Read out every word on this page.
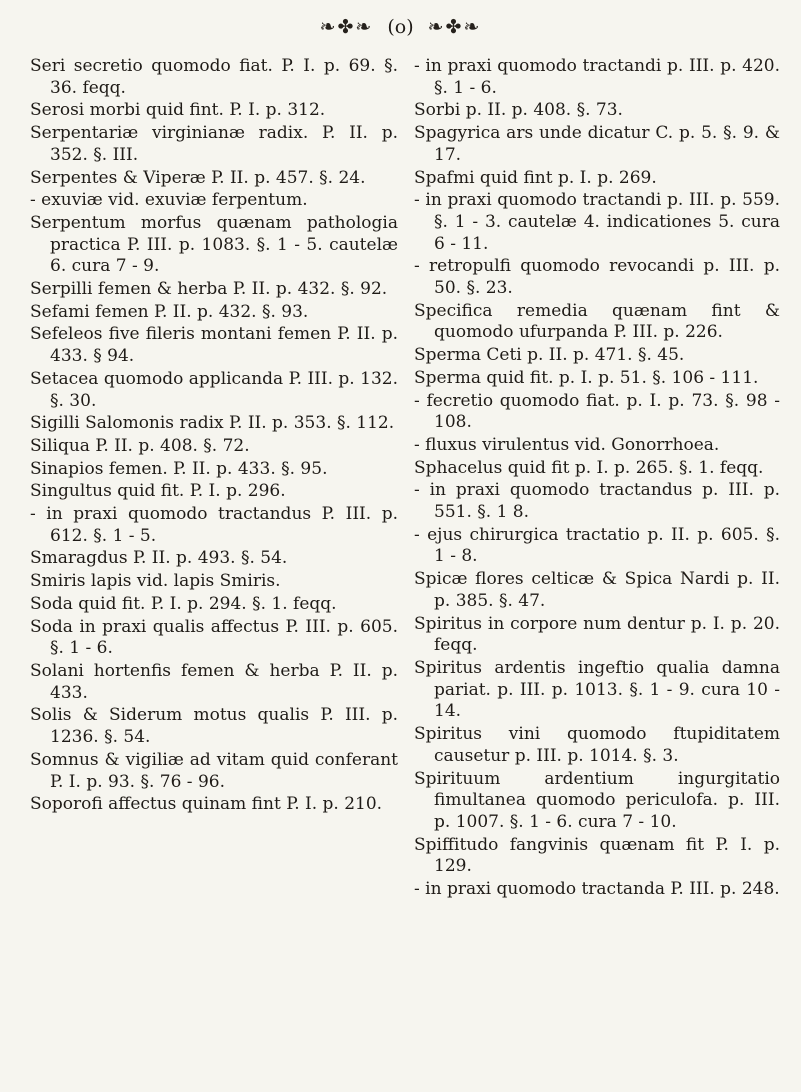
❧✤❧ (o) ❧✤❧

Seri secretio quomodo fiat. P. I. p. 69. §. 36. feqq.

Serosi morbi quid fint. P. I. p. 312.

Serpentariæ virginianæ radix. P. II. p. 352. §. III.

Serpentes & Viperæ P. II. p. 457. §. 24.

- exuviæ vid. exuviæ ferpentum.

Serpentum morfus quænam pathologia practica P. III. p. 1083. §. 1 - 5. cautelæ 6. cura 7 - 9.

Serpilli femen & herba P. II. p. 432. §. 92.

Sefami femen P. II. p. 432. §. 93.

Sefeleos five fileris montani femen P. II. p. 433. § 94.

Setacea quomodo applicanda P. III. p. 132. §. 30.

Sigilli Salomonis radix P. II. p. 353. §. 112.

Siliqua P. II. p. 408. §. 72.

Sinapios femen. P. II. p. 433. §. 95.

Singultus quid fit. P. I. p. 296.

- in praxi quomodo tractandus P. III. p. 612. §. 1 - 5.

Smaragdus P. II. p. 493. §. 54.

Smiris lapis vid. lapis Smiris.

Soda quid fit. P. I. p. 294. §. 1. feqq.

Soda in praxi qualis affectus P. III. p. 605. §. 1 - 6.

Solani hortenfis femen & herba P. II. p. 433.

Solis & Siderum motus qualis P. III. p. 1236. §. 54.

Somnus & vigiliæ ad vitam quid conferant P. I. p. 93. §. 76 - 96.

Soporofi affectus quinam fint P. I. p. 210.

- in praxi quomodo tractandi p. III. p. 420. §. 1 - 6.

Sorbi p. II. p. 408. §. 73.

Spagyrica ars unde dicatur C. p. 5. §. 9. & 17.

Spafmi quid fint p. I. p. 269.

- in praxi quomodo tractandi p. III. p. 559. §. 1 - 3. cautelæ 4. indicationes 5. cura 6 - 11.

- retropulfi quomodo revocandi p. III. p. 50. §. 23.

Specifica remedia quænam fint & quomodo ufurpanda P. III. p. 226.

Sperma Ceti p. II. p. 471. §. 45.

Sperma quid fit. p. I. p. 51. §. 106 - 111.

- fecretio quomodo fiat. p. I. p. 73. §. 98 - 108.

- fluxus virulentus vid. Gonorrhoea.

Sphacelus quid fit p. I. p. 265. §. 1. feqq.

- in praxi quomodo tractandus p. III. p. 551. §. 1 8.

- ejus chirurgica tractatio p. II. p. 605. §. 1 - 8.

Spicæ flores celticæ & Spica Nardi p. II. p. 385. §. 47.

Spiritus in corpore num dentur p. I. p. 20. feqq.

Spiritus ardentis ingeftio qualia damna pariat. p. III. p. 1013. §. 1 - 9. cura 10 - 14.

Spiritus vini quomodo ftupiditatem causetur p. III. p. 1014. §. 3.

Spirituum ardentium ingurgitatio fimultanea quomodo periculofa. p. III. p. 1007. §. 1 - 6. cura 7 - 10.

Spiffitudo fangvinis quænam fit P. I. p. 129.

- in praxi quomodo tractanda P. III. p. 248.
